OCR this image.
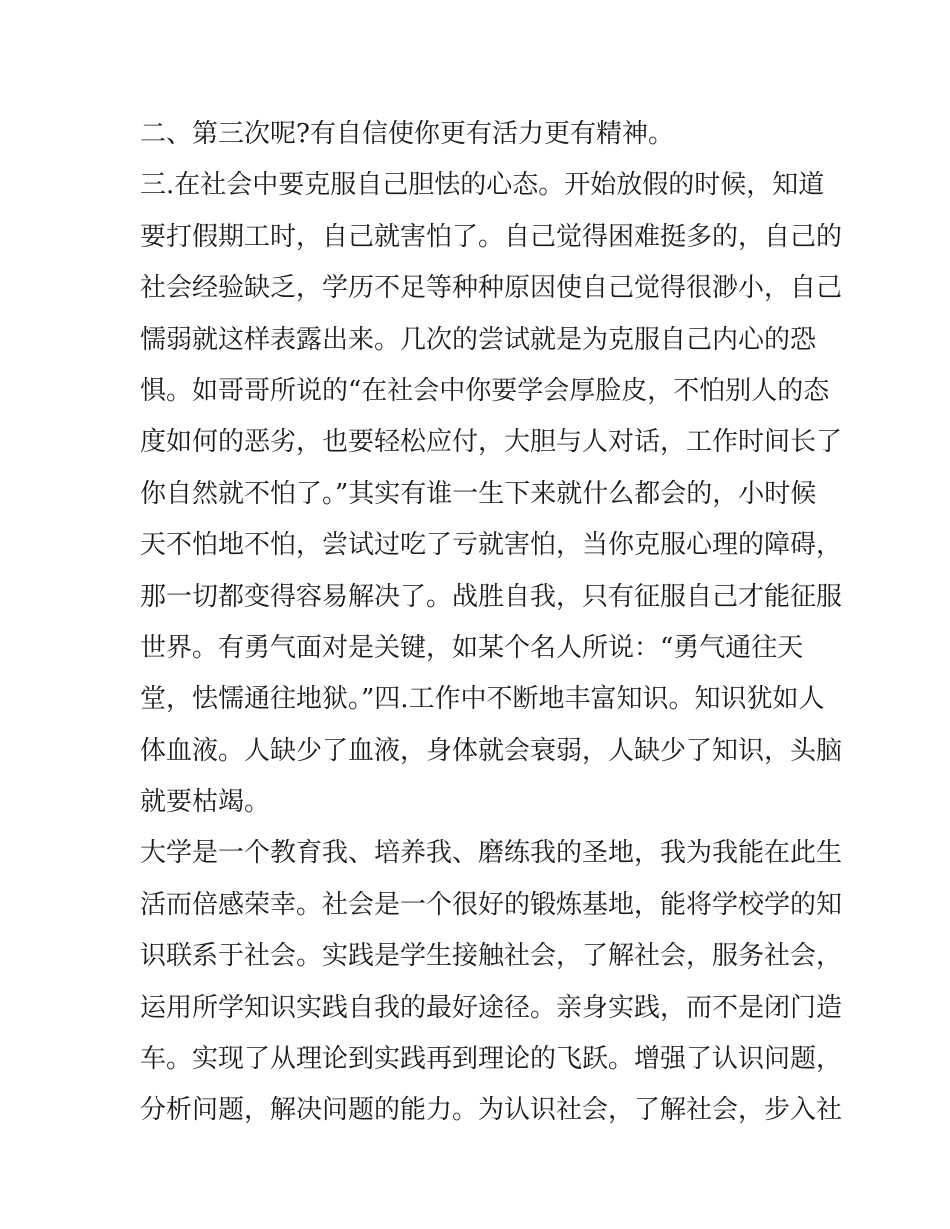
二、第三次呢?有自信使你更有活力更有精神。
三.在社会中要克服自己胆怯的心态。开始放假的时候，知道
要打假期工时，自己就害怕了。自己觉得困难挺多的，自己的
社会经验缺乏，学历不足等种种原因使自己觉得很渺小，自己
懦弱就这样表露出来。几次的尝试就是为克服自己内心的恐
惧。如哥哥所说的“在社会中你要学会厚脸皮，不怕别人的态
度如何的恶劣，也要轻松应付，大胆与人对话，工作时间长了
你自然就不怕了。”其实有谁一生下来就什么都会的，小时候
天不怕地不怕，尝试过吃了亏就害怕，当你克服心理的障碍，
那一切都变得容易解决了。战胜自我，只有征服自己才能征服
世界。有勇气面对是关键，如某个名人所说：“勇气通往天
堂，怯懦通往地狱。”四.工作中不断地丰富知识。知识犹如人
体血液。人缺少了血液，身体就会衰弱，人缺少了知识，头脑
就要枯竭。
大学是一个教育我、培养我、磨练我的圣地，我为我能在此生
活而倍感荣幸。社会是一个很好的锻炼基地，能将学校学的知
识联系于社会。实践是学生接触社会，了解社会，服务社会，
运用所学知识实践自我的最好途径。亲身实践，而不是闭门造
车。实现了从理论到实践再到理论的飞跃。增强了认识问题，
分析问题，解决问题的能力。为认识社会，了解社会，步入社
